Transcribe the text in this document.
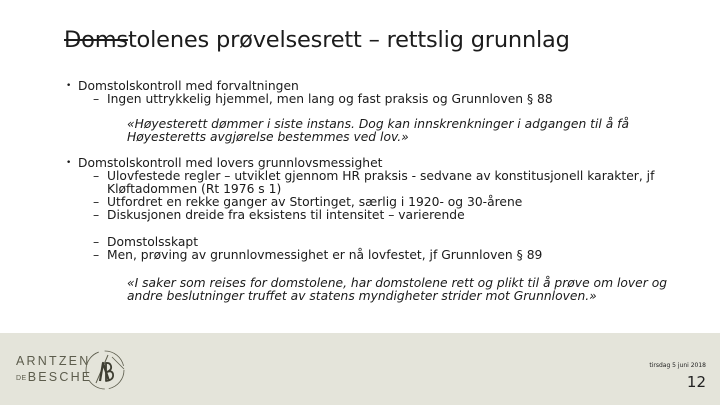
Domstolenes prøvelsesrett – rettslig grunnlag
• Domstolskontroll med forvaltningen
– Ingen uttrykkelig hjemmel, men lang og fast praksis og Grunnloven § 88
«Høyesterett dømmer i siste instans. Dog kan innskrenkninger i adgangen til å få
Høyesteretts avgjørelse bestemmes ved lov.»
• Domstolskontroll med lovers grunnlovsmessighet
– Ulovfestede regler – utviklet gjennom HR praksis - sedvane av konstitusjonell karakter, jf
Kløftadommen (Rt 1976 s 1)
– Utfordret en rekke ganger av Stortinget, særlig i 1920- og 30-årene
– Diskusjonen dreide fra eksistens til intensitet – varierende
– Domstolsskapt
– Men, prøving av grunnlovmessighet er nå lovfestet, jf Grunnloven § 89
«I saker som reises for domstolene, har domstolene rett og plikt til å prøve om lover og
andre beslutninger truffet av statens myndigheter strider mot Grunnloven.»
ARNTZEN
DEBESCHE
tirsdag 5 juni 2018
12
